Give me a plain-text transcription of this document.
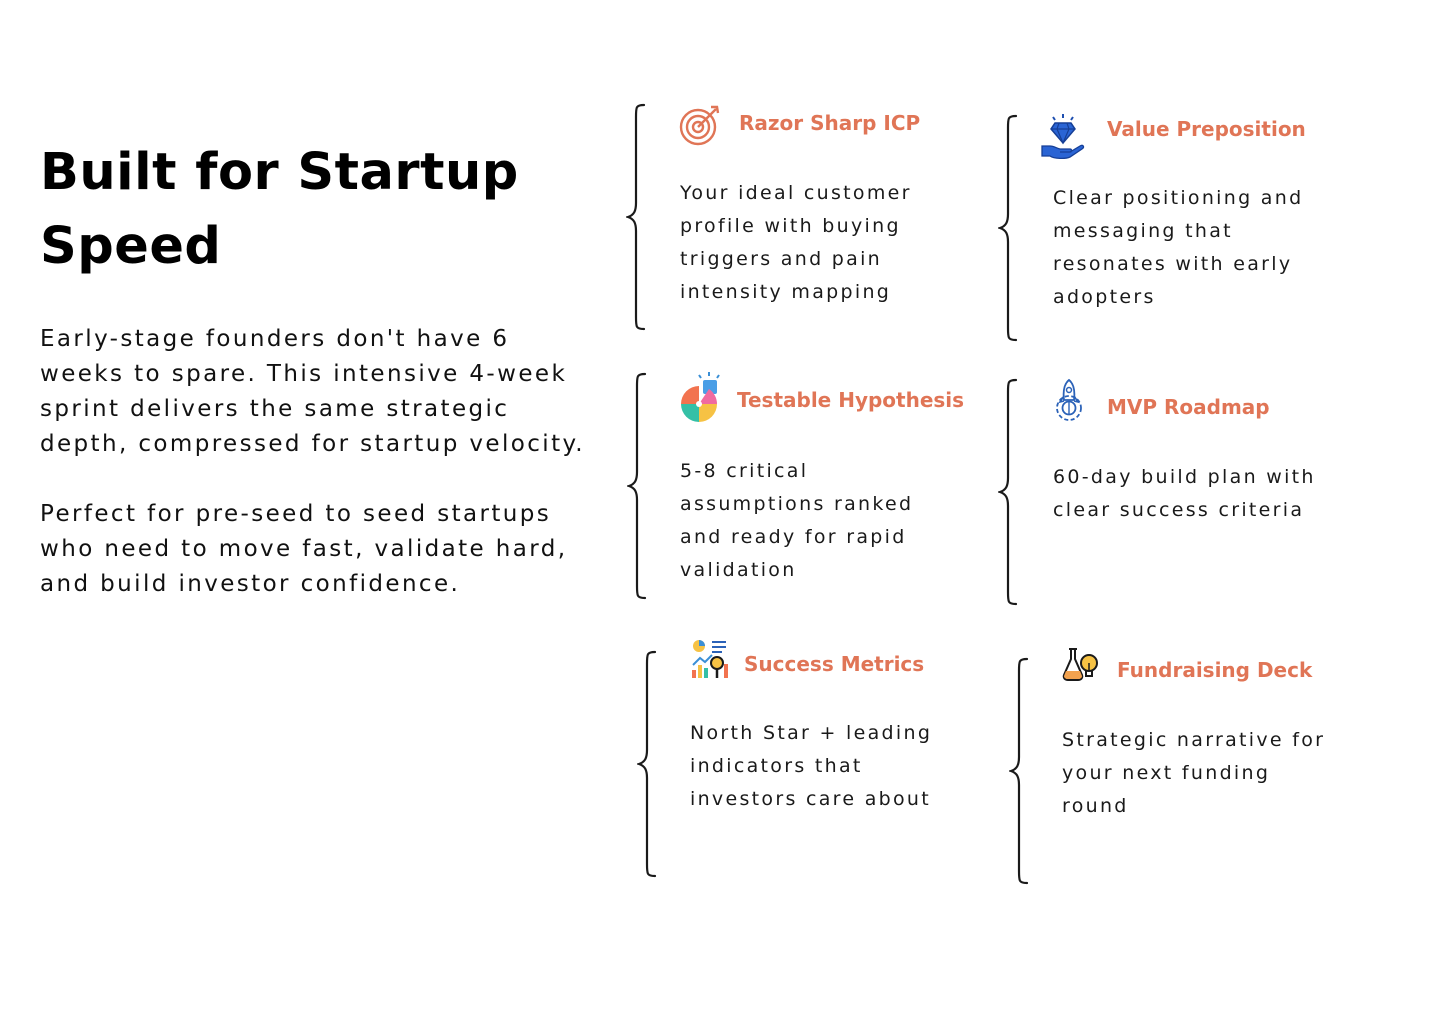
Built for Startup Speed

Early-stage founders don't have 6 weeks to spare. This intensive 4-week sprint delivers the same strategic depth, compressed for startup velocity.

Perfect for pre-seed to seed startups who need to move fast, validate hard, and build investor confidence.

Razor Sharp ICP

Your ideal customer profile with buying triggers and pain intensity mapping

Value Preposition

Clear positioning and messaging that resonates with early adopters

Testable Hypothesis

5-8 critical assumptions ranked and ready for rapid validation

MVP Roadmap

60-day build plan with clear success criteria

Success Metrics

North Star + leading indicators that investors care about

Fundraising Deck

Strategic narrative for your next funding round
